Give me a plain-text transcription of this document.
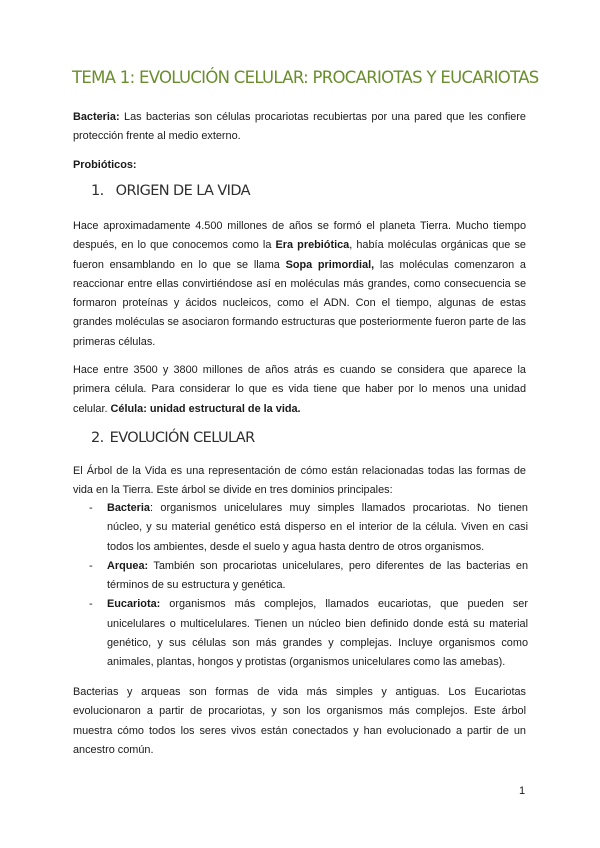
TEMA 1: EVOLUCIÓN CELULAR: PROCARIOTAS Y EUCARIOTAS

Bacteria: Las bacterias son células procariotas recubiertas por una pared que les confiere protección frente al medio externo.

Probióticos:

1. ORIGEN DE LA VIDA

Hace aproximadamente 4.500 millones de años se formó el planeta Tierra. Mucho tiempo después, en lo que conocemos como la Era prebiótica, había moléculas orgánicas que se fueron ensamblando en lo que se llama Sopa primordial, las moléculas comenzaron a reaccionar entre ellas convirtiéndose así en moléculas más grandes, como consecuencia se formaron proteínas y ácidos nucleicos, como el ADN. Con el tiempo, algunas de estas grandes moléculas se asociaron formando estructuras que posteriormente fueron parte de las primeras células.

Hace entre 3500 y 3800 millones de años atrás es cuando se considera que aparece la primera célula. Para considerar lo que es vida tiene que haber por lo menos una unidad celular. Célula: unidad estructural de la vida.

2. EVOLUCIÓN CELULAR

El Árbol de la Vida es una representación de cómo están relacionadas todas las formas de vida en la Tierra. Este árbol se divide en tres dominios principales:

- Bacteria: organismos unicelulares muy simples llamados procariotas. No tienen núcleo, y su material genético está disperso en el interior de la célula. Viven en casi todos los ambientes, desde el suelo y agua hasta dentro de otros organismos.
- Arquea: También son procariotas unicelulares, pero diferentes de las bacterias en términos de su estructura y genética.
- Eucariota: organismos más complejos, llamados eucariotas, que pueden ser unicelulares o multicelulares. Tienen un núcleo bien definido donde está su material genético, y sus células son más grandes y complejas. Incluye organismos como animales, plantas, hongos y protistas (organismos unicelulares como las amebas).

Bacterias y arqueas son formas de vida más simples y antiguas. Los Eucariotas evolucionaron a partir de procariotas, y son los organismos más complejos. Este árbol muestra cómo todos los seres vivos están conectados y han evolucionado a partir de un ancestro común.

1
